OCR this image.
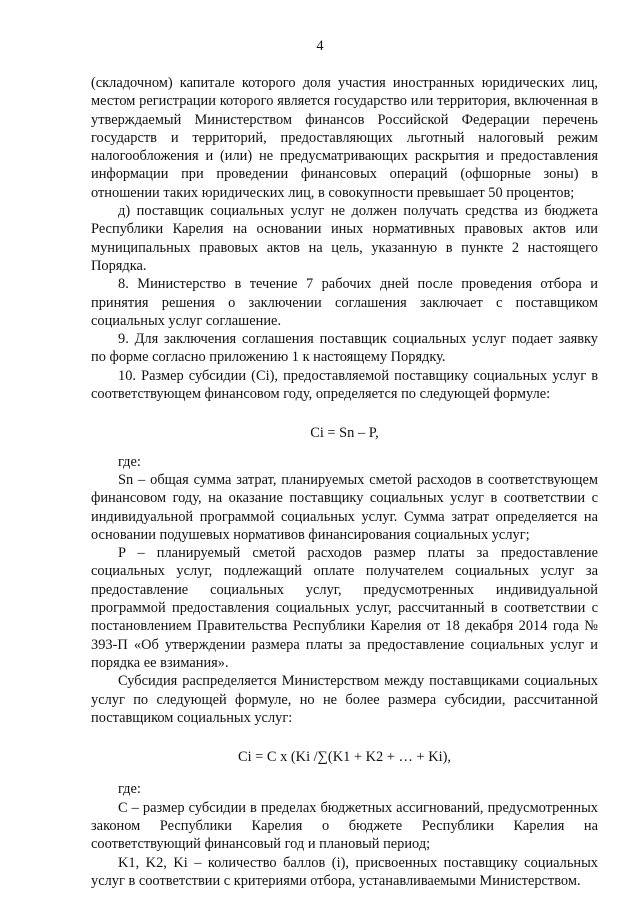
4

(складочном) капитале которого доля участия иностранных юридических лиц, местом регистрации которого является государство или территория, включенная в утверждаемый Министерством финансов Российской Федерации перечень государств и территорий, предоставляющих льготный налоговый режим налогообложения и (или) не предусматривающих раскрытия и предоставления информации при проведении финансовых операций (офшорные зоны) в отношении таких юридических лиц, в совокупности превышает 50 процентов;

д) поставщик социальных услуг не должен получать средства из бюджета Республики Карелия на основании иных нормативных правовых актов или муниципальных правовых актов на цель, указанную в пункте 2 настоящего Порядка.

8. Министерство в течение 7 рабочих дней после проведения отбора и принятия решения о заключении соглашения заключает с поставщиком социальных услуг соглашение.

9. Для заключения соглашения поставщик социальных услуг подает заявку по форме согласно приложению 1 к настоящему Порядку.

10. Размер субсидии (Ci), предоставляемой поставщику социальных услуг в соответствующем финансовом году, определяется по следующей формуле:

Ci = Sn – P,

где:

Sn – общая сумма затрат, планируемых сметой расходов в соответствующем финансовом году, на оказание поставщику социальных услуг в соответствии с индивидуальной программой социальных услуг. Сумма затрат определяется на основании подушевых нормативов финансирования социальных услуг;

P – планируемый сметой расходов размер платы за предоставление социальных услуг, подлежащий оплате получателем социальных услуг за предоставление социальных услуг, предусмотренных индивидуальной программой предоставления социальных услуг, рассчитанный в соответствии с постановлением Правительства Республики Карелия от 18 декабря 2014 года № 393-П «Об утверждении размера платы за предоставление социальных услуг и порядка ее взимания».

Субсидия распределяется Министерством между поставщиками социальных услуг по следующей формуле, но не более размера субсидии, рассчитанной поставщиком социальных услуг:

Ci = C x (Ki /∑(K1 + K2 + … + Ki),

где:

C – размер субсидии в пределах бюджетных ассигнований, предусмотренных законом Республики Карелия о бюджете Республики Карелия на соответствующий финансовый год и плановый период;

K1, K2, Ki – количество баллов (i), присвоенных поставщику социальных услуг в соответствии с критериями отбора, устанавливаемыми Министерством.
